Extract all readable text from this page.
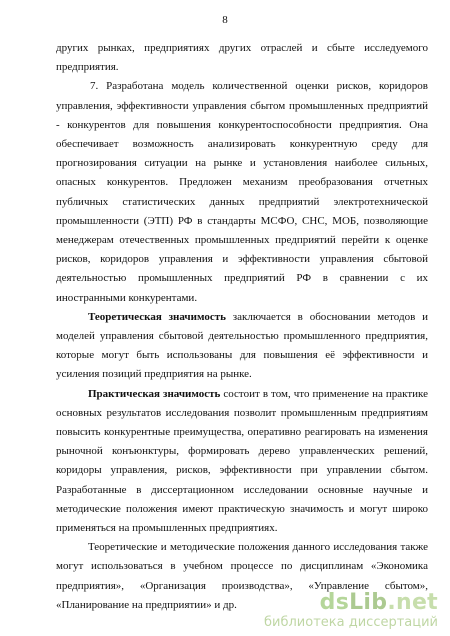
8

других рынках, предприятиях других отраслей и сбыте исследуемого предприятия.

7. Разработана модель количественной оценки рисков, коридоров управления, эффективности управления сбытом промышленных предприятий - конкурентов для повышения конкурентоспособности предприятия. Она обеспечивает возможность анализировать конкурентную среду для прогнозирования ситуации на рынке и установления наиболее сильных, опасных конкурентов. Предложен механизм преобразования отчетных публичных статистических данных предприятий электротехнической промышленности (ЭТП) РФ в стандарты МСФО, СНС, МОБ, позволяющие менеджерам отечественных промышленных предприятий перейти к оценке рисков, коридоров управления и эффективности управления сбытовой деятельностью промышленных предприятий РФ в сравнении с их иностранными конкурентами.

Теоретическая значимость заключается в обосновании методов и моделей управления сбытовой деятельностью промышленного предприятия, которые могут быть использованы для повышения её эффективности и усиления позиций предприятия на рынке.

Практическая значимость состоит в том, что применение на практике основных результатов исследования позволит промышленным предприятиям повысить конкурентные преимущества, оперативно реагировать на изменения рыночной конъюнктуры, формировать дерево управленческих решений, коридоры управления, рисков, эффективности при управлении сбытом. Разработанные в диссертационном исследовании основные научные и методические положения имеют практическую значимость и могут широко применяться на промышленных предприятиях.

Теоретические и методические положения данного исследования также могут использоваться в учебном процессе по дисциплинам «Экономика предприятия», «Организация производства», «Управление сбытом», «Планирование на предприятии» и др.	dsLib.net
библиотека диссертаций
